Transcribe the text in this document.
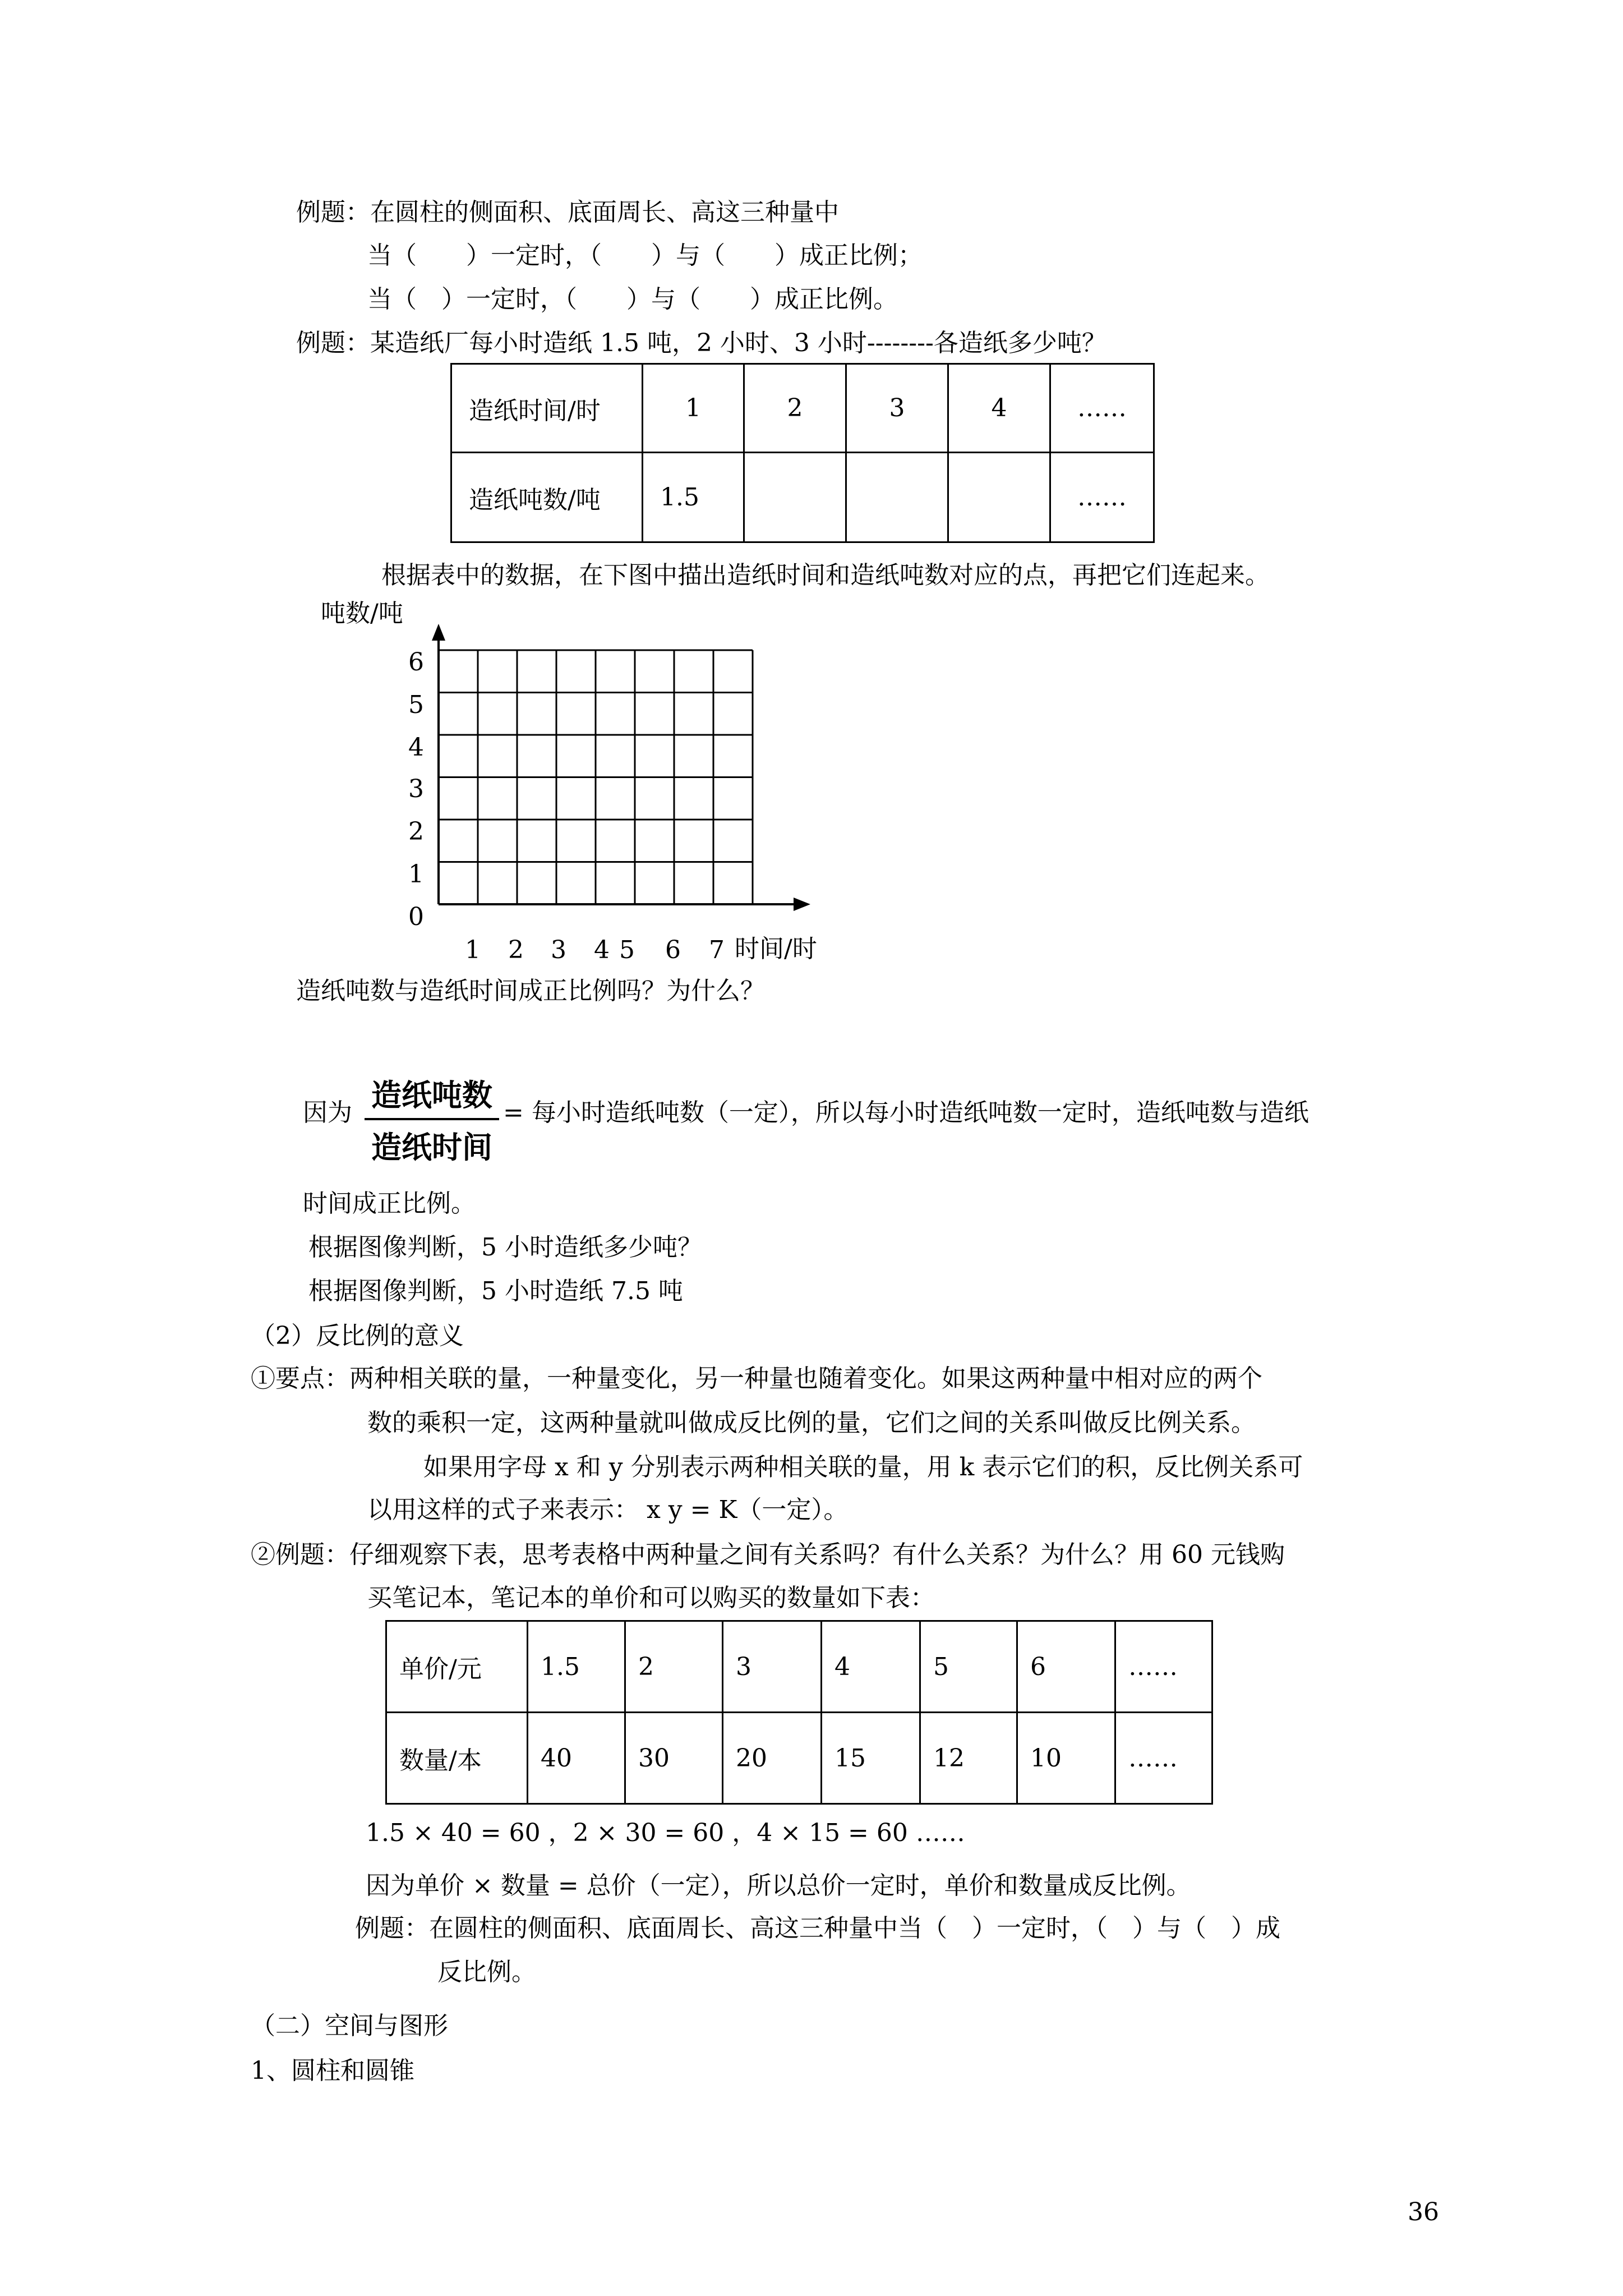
例题：在圆柱的侧面积、底面周长、高这三种量中
当（　　）一定时，（　　）与（　　）成正比例；
当（　）一定时，（　　）与（　　）成正比例。
例题：某造纸厂每小时造纸 1.5 吨，2 小时、3 小时--------各造纸多少吨？
造纸时间/时	1	2	3	4	……
造纸吨数/吨	1.5				……
根据表中的数据，在下图中描出造纸时间和造纸吨数对应的点，再把它们连起来。
6
5
4
3
2
1
0
1 2 3 4 5 6 7
吨数/吨
时间/时
造纸吨数与造纸时间成正比例吗？为什么？
因为 造纸吨数
造纸时间
= 每小时造纸吨数（一定），所以每小时造纸吨数一定时，造纸吨数与造纸
时间成正比例。
根据图像判断，5 小时造纸多少吨？
根据图像判断，5 小时造纸 7.5 吨
（2）反比例的意义
①要点：两种相关联的量，一种量变化，另一种量也随着变化。如果这两种量中相对应的两个
数的乘积一定，这两种量就叫做成反比例的量，它们之间的关系叫做反比例关系。
如果用字母 x 和 y 分别表示两种相关联的量，用 k 表示它们的积，反比例关系可
以用这样的式子来表示： x y = K（一定）。
②例题：仔细观察下表，思考表格中两种量之间有关系吗？有什么关系？为什么？用 60 元钱购
买笔记本，笔记本的单价和可以购买的数量如下表：
单价/元	1.5	2	3	4	5	6	……
数量/本	40	30	20	15	12	10	……
1.5 × 40 = 60 ，2 × 30 = 60 ，4 × 15 = 60 ……
因为单价 × 数量 = 总价（一定），所以总价一定时，单价和数量成反比例。
例题：在圆柱的侧面积、底面周长、高这三种量中当（　）一定时，（　）与（　）成
反比例。
（二）空间与图形
1、圆柱和圆锥
36
